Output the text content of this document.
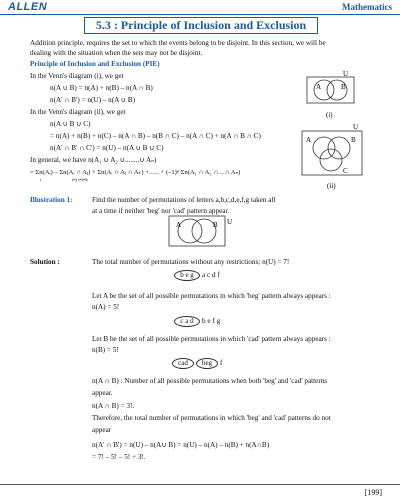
ALLEN	Mathematics
5.3 : Principle of Inclusion and Exclusion
Addition principle, requires the set to which the events belong to be disjoint. In this section, we will be
dealing with the situation when the sets may not be disjoint.
Principle of Inclusion and Exclusion (PIE)
In the Venn's diagram (i), we get
n(A ∪ B) = n(A) + n(B) – n(A ∩ B)
n(A' ∩ B') = n(U) – n(A ∪ B)
In the Venn's diagram (ii), we get
n(A ∪ B ∪ C)
= n(A) + n(B) + n(C) – n(A ∩ B) – n(B ∩ C) – n(A ∩ C) + n(A ∩ B ∩ C)
n(A' ∩ B' ∩ C') = n(U) – n(A ∪ B ∪ C)
In general, we have n(A₁ ∪ A₂ ∪........∪ Aₙ)
= Σn(Aᵢ) – Σn(Aᵢ ∩ Aⱼ) + Σn(Aᵢ ∩ Aⱼ ∩ Aₖ) +...... + (–1)ⁿ Σn(A₁ ∩ A₂ ∩....∩ Aₙ)
i	i≠j i≠j≠k
U
A	B
(i)
U
A	B
C
(ii)
Illustration 1:	Find the number of permutations of letters a,b,c,d,e,f,g taken all
at a time if neither 'beg' nor 'cad' pattern appear.
A	B U
Solution :	The total number of permutations without any restrictions; n(U) = 7!
b e g	a c d f
Let A be the set of all possible permutations in which 'beg' pattern always appears :
n(A) = 5!
c a d	b e f g
Let B be the set of all possible permutations in which 'cad' pattern always appears :
n(B) = 5!
cad	beg	f
n(A ∩ B) : Number of all possible permutations when both 'beg' and 'cad' patterns
appear.
n(A ∩ B) = 3!.
Therefore, the total number of permutations in which 'beg' and 'cad' patterns do not
appear
n(A' ∩ B') = n(U) – n(A∪ B) = n(U) – n(A) – n(B) + n(A∩B)
= 7! – 5! – 5! + 3!.
[199]
